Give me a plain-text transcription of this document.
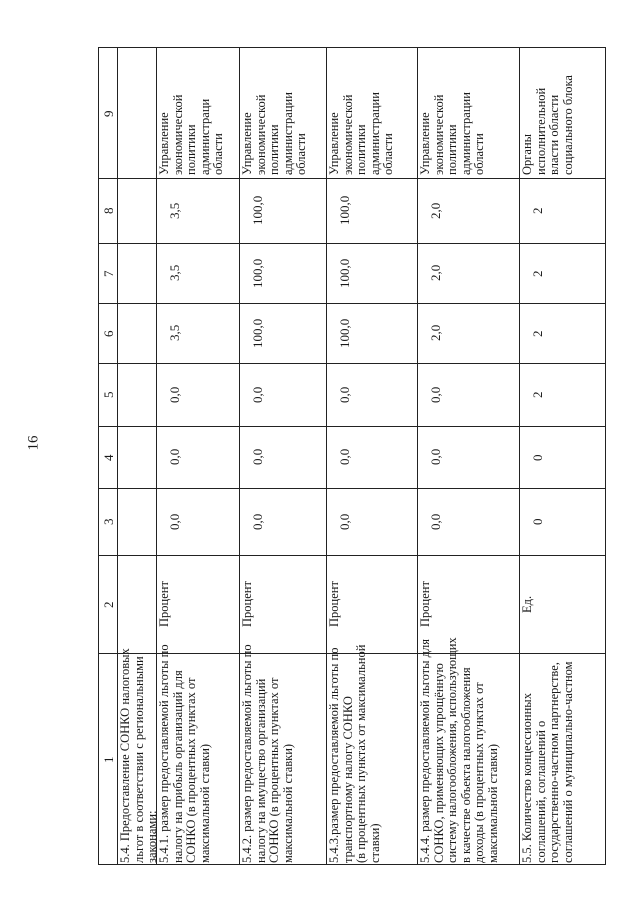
16
1
2
3
4
5
6
7
8
9
5.4. Предоставление СОНКО налоговых льгот в соответствии с региональными законами:
5.4.1. размер предоставляемой льготы по налогу на прибыль организаций для СОНКО (в процентных пунктах от максимальной ставки)
Процент
0,0
0,0
0,0
3,5
3,5
3,5
Управление экономической политики администраци области
5.4.2. размер предоставляемой льготы по налогу на имущество организаций СОНКО (в процентных пунктах от максимальной ставки)
Процент
0,0
0,0
0,0
100,0
100,0
100,0
Управление экономической политики администрации области
5.4.3.размер предоставляемой льготы по транспортному налогу СОНКО (в процентных пунктах от максимальной ставки)
Процент
0,0
0,0
0,0
100,0
100,0
100,0
Управление экономической политики администрации области
5.4.4. размер предоставляемой льготы для СОНКО, применяющих упрощённую систему налогообложения, использующих в качестве объекта налогообложения доходы (в процентных пунктах от максимальной ставки)
Процент
0,0
0,0
0,0
2,0
2,0
2,0
Управление экономической политики администрации области
5.5. Количество концессионных соглашений, соглашений о государственно-частном партнерстве, соглашений о муниципально-частном
Ед.
0
0
2
2
2
2
Органы исполнительной власти области социального блока
